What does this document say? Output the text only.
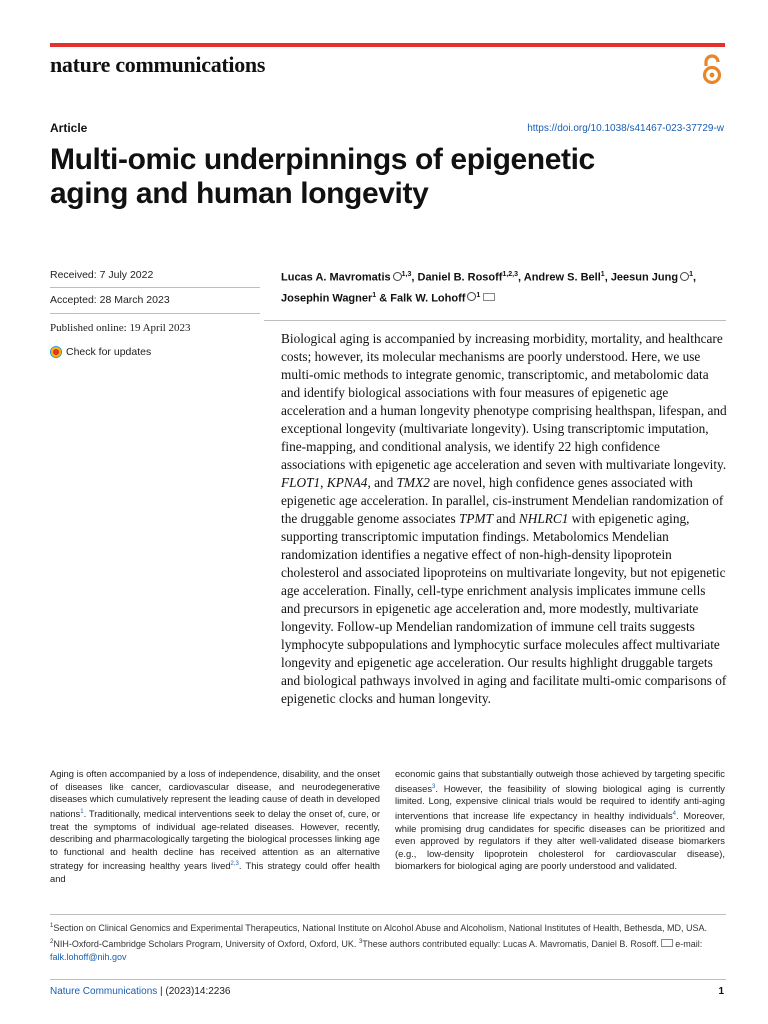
nature communications
Article	https://doi.org/10.1038/s41467-023-37729-w
Multi-omic underpinnings of epigenetic
aging and human longevity
Received: 7 July 2022
Accepted: 28 March 2023
Published online: 19 April 2023
Check for updates
Lucas A. Mavromatis $^{1,3}$, Daniel B. Rosoff$^{1,2,3}$, Andrew S. Bell$^1$, Jeesun Jung $^1$, Josephin Wagner$^1$ & Falk W. Lohoff $^1$

Biological aging is accompanied by increasing morbidity, mortality, and healthcare costs; however, its molecular mechanisms are poorly understood. Here, we use multi-omic methods to integrate genomic, transcriptomic, and metabolomic data and identify biological associations with four measures of epigenetic age acceleration and a human longevity phenotype comprising healthspan, lifespan, and exceptional longevity (multivariate longevity). Using transcriptomic imputation, fine-mapping, and conditional analysis, we identify 22 high confidence associations with epigenetic age acceleration and seven with multivariate longevity. FLOT1, KPNA4, and TMX2 are novel, high confidence genes associated with epigenetic age acceleration. In parallel, cis-instrument Mendelian randomization of the druggable genome associates TPMT and NHLRC1 with epigenetic aging, supporting transcriptomic imputation findings. Metabolomics Mendelian randomization identifies a negative effect of non-high-density lipoprotein cholesterol and associated lipoproteins on multivariate longevity, but not epigenetic age acceleration. Finally, cell-type enrichment analysis implicates immune cells and precursors in epigenetic age acceleration and, more modestly, multivariate longevity. Follow-up Mendelian randomization of immune cell traits suggests lymphocyte subpopulations and lymphocytic surface molecules affect multivariate longevity and epigenetic age acceleration. Our results highlight druggable targets and biological pathways involved in aging and facilitate multi-omic comparisons of epigenetic clocks and human longevity.

Aging is often accompanied by a loss of independence, disability, and the onset of diseases like cancer, cardiovascular disease, and neurodegenerative diseases which cumulatively represent the leading cause of death in developed nations$^1$. Traditionally, medical interventions seek to delay the onset of, cure, or treat the symptoms of individual age-related diseases. However, recently, describing and pharmacologically targeting the biological processes linking age to functional and health decline has received attention as an alternative strategy for increasing healthy years lived$^{2,3}$. This strategy could offer health and

economic gains that substantially outweigh those achieved by targeting specific diseases$^3$. However, the feasibility of slowing biological aging is currently limited. Long, expensive clinical trials would be required to identify anti-aging interventions that increase life expectancy in healthy individuals$^4$. Moreover, while promising drug candidates for specific diseases can be prioritized and even approved by regulators if they alter well-validated disease biomarkers (e.g., low-density lipoprotein cholesterol for cardiovascular disease), biomarkers for biological aging are poorly understood and validated.

$^1$Section on Clinical Genomics and Experimental Therapeutics, National Institute on Alcohol Abuse and Alcoholism, National Institutes of Health, Bethesda, MD, USA. $^2$NIH-Oxford-Cambridge Scholars Program, University of Oxford, Oxford, UK. $^3$These authors contributed equally: Lucas A. Mavromatis, Daniel B. Rosoff. e-mail: falk.lohoff@nih.gov

Nature Communications | (2023)14:2236	1
